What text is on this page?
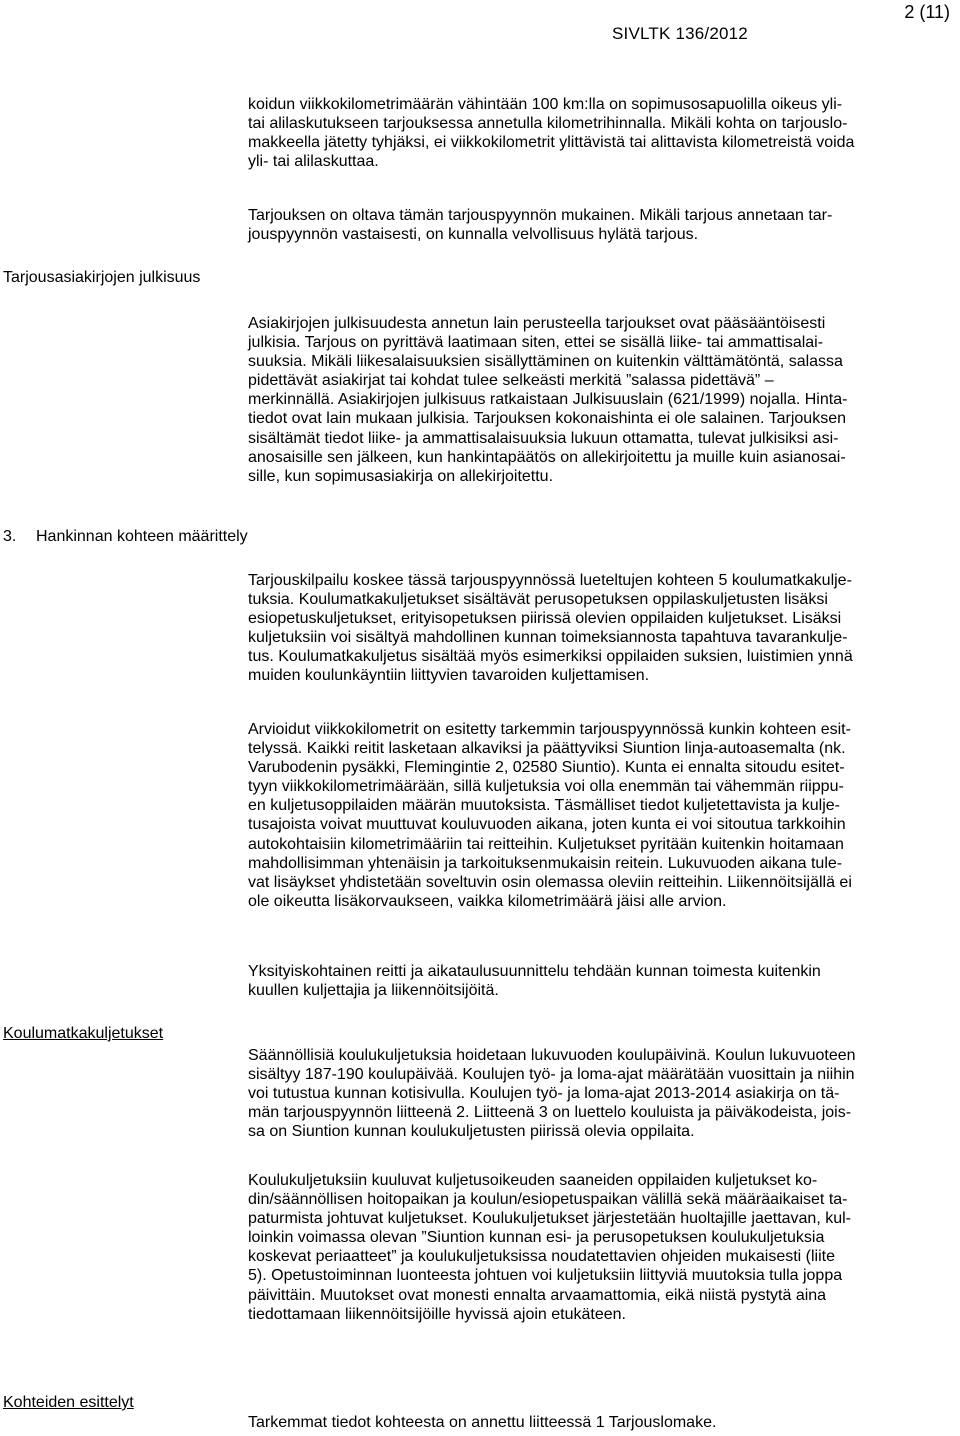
2 (11)
SIVLTK 136/2012
Tarjousasiakirjojen julkisuus
3. Hankinnan kohteen määrittely
Koulumatkakuljetukset
Kohteiden esittelyt
koidun viikkokilometrimäärän vähintään 100 km:lla on sopimusosapuolilla oikeus yli-
tai alilaskutukseen tarjouksessa annetulla kilometrihinnalla. Mikäli kohta on tarjouslo-
makkeella jätetty tyhjäksi, ei viikkokilometrit ylittävistä tai alittavista kilometreistä voida
yli- tai alilaskuttaa.
Tarjouksen on oltava tämän tarjouspyynnön mukainen. Mikäli tarjous annetaan tar-
jouspyynnön vastaisesti, on kunnalla velvollisuus hylätä tarjous.
Asiakirjojen julkisuudesta annetun lain perusteella tarjoukset ovat pääsääntöisesti
julkisia. Tarjous on pyrittävä laatimaan siten, ettei se sisällä liike- tai ammattisalai-
suuksia. Mikäli liikesalaisuuksien sisällyttäminen on kuitenkin välttämätöntä, salassa
pidettävät asiakirjat tai kohdat tulee selkeästi merkitä ”salassa pidettävä” –
merkinnällä. Asiakirjojen julkisuus ratkaistaan Julkisuuslain (621/1999) nojalla. Hinta-
tiedot ovat lain mukaan julkisia. Tarjouksen kokonaishinta ei ole salainen. Tarjouksen
sisältämät tiedot liike- ja ammattisalaisuuksia lukuun ottamatta, tulevat julkisiksi asi-
anosaisille sen jälkeen, kun hankintapäätös on allekirjoitettu ja muille kuin asianosai-
sille, kun sopimusasiakirja on allekirjoitettu.
Tarjouskilpailu koskee tässä tarjouspyynnössä lueteltujen kohteen 5 koulumatkakulje-
tuksia. Koulumatkakuljetukset sisältävät perusopetuksen oppilaskuljetusten lisäksi
esiopetuskuljetukset, erityisopetuksen piirissä olevien oppilaiden kuljetukset. Lisäksi
kuljetuksiin voi sisältyä mahdollinen kunnan toimeksiannosta tapahtuva tavarankulje-
tus. Koulumatkakuljetus sisältää myös esimerkiksi oppilaiden suksien, luistimien ynnä
muiden koulunkäyntiin liittyvien tavaroiden kuljettamisen.
Arvioidut viikkokilometrit on esitetty tarkemmin tarjouspyynnössä kunkin kohteen esit-
telyssä. Kaikki reitit lasketaan alkaviksi ja päättyviksi Siuntion linja-autoasemalta (nk.
Varubodenin pysäkki, Flemingintie 2, 02580 Siuntio). Kunta ei ennalta sitoudu esitet-
tyyn viikkokilometrimäärään, sillä kuljetuksia voi olla enemmän tai vähemmän riippu-
en kuljetusoppilaiden määrän muutoksista. Täsmälliset tiedot kuljetettavista ja kulje-
tusajoista voivat muuttuvat kouluvuoden aikana, joten kunta ei voi sitoutua tarkkoihin
autokohtaisiin kilometrimääriin tai reitteihin. Kuljetukset pyritään kuitenkin hoitamaan
mahdollisimman yhtenäisin ja tarkoituksenmukaisin reitein. Lukuvuoden aikana tule-
vat lisäykset yhdistetään soveltuvin osin olemassa oleviin reitteihin. Liikennöitsijällä ei
ole oikeutta lisäkorvaukseen, vaikka kilometrimäärä jäisi alle arvion.
Yksityiskohtainen reitti ja aikataulusuunnittelu tehdään kunnan toimesta kuitenkin
kuullen kuljettajia ja liikennöitsijöitä.
Säännöllisiä koulukuljetuksia hoidetaan lukuvuoden koulupäivinä. Koulun lukuvuoteen
sisältyy 187-190 koulupäivää. Koulujen työ- ja loma-ajat määrätään vuosittain ja niihin
voi tutustua kunnan kotisivulla. Koulujen työ- ja loma-ajat 2013-2014 asiakirja on tä-
män tarjouspyynnön liitteenä 2. Liitteenä 3 on luettelo kouluista ja päiväkodeista, jois-
sa on Siuntion kunnan koulukuljetusten piirissä olevia oppilaita.
Koulukuljetuksiin kuuluvat kuljetusoikeuden saaneiden oppilaiden kuljetukset ko-
din/säännöllisen hoitopaikan ja koulun/esiopetuspaikan välillä sekä määräaikaiset ta-
paturmista johtuvat kuljetukset. Koulukuljetukset järjestetään huoltajille jaettavan, kul-
loinkin voimassa olevan ”Siuntion kunnan esi- ja perusopetuksen koulukuljetuksia
koskevat periaatteet” ja koulukuljetuksissa noudatettavien ohjeiden mukaisesti (liite
5). Opetustoiminnan luonteesta johtuen voi kuljetuksiin liittyviä muutoksia tulla joppa
päivittäin. Muutokset ovat monesti ennalta arvaamattomia, eikä niistä pystytä aina
tiedottamaan liikennöitsijöille hyvissä ajoin etukäteen.
Tarkemmat tiedot kohteesta on annettu liitteessä 1 Tarjouslomake.
